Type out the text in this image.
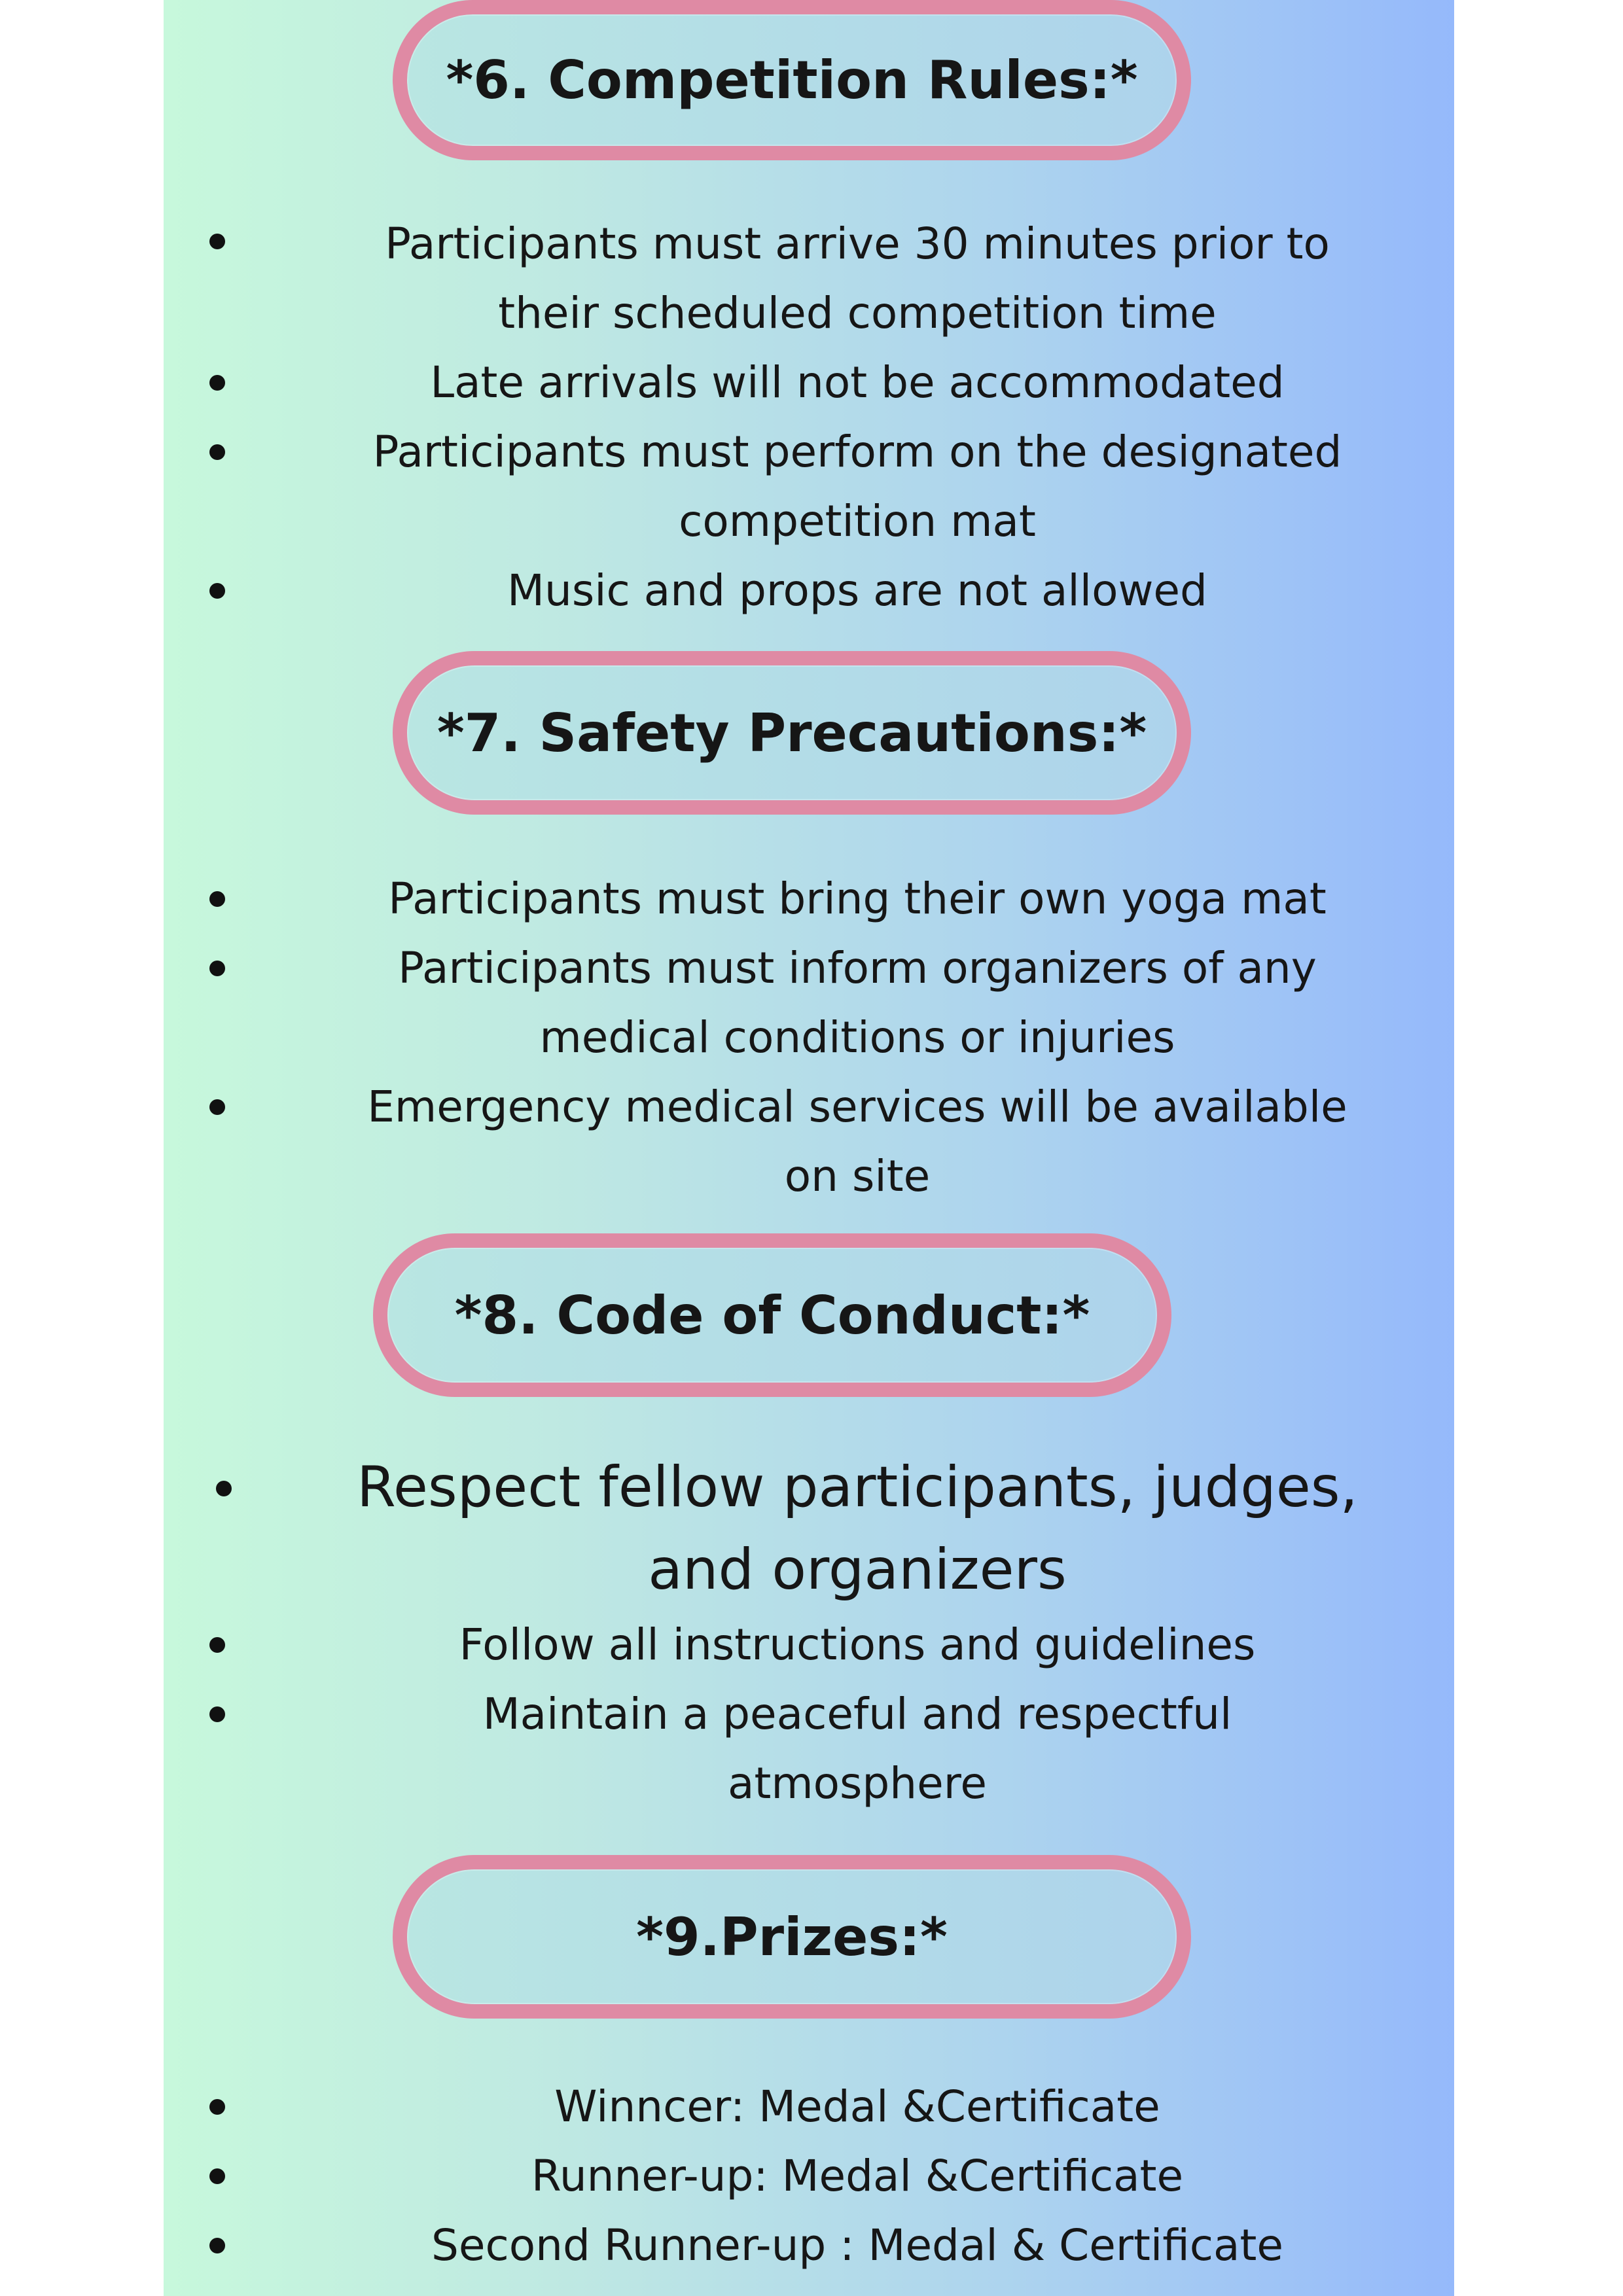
*6. Competition Rules:*
Participants must arrive 30 minutes prior to
their scheduled competition time
Late arrivals will not be accommodated
Participants must perform on the designated
competition mat
Music and props are not allowed
*7. Safety Precautions:*
Participants must bring their own yoga mat
Participants must inform organizers of any
medical conditions or injuries
Emergency medical services will be available
on site
*8. Code of Conduct:*
Respect fellow participants, judges,
and organizers
Follow all instructions and guidelines
Maintain a peaceful and respectful
atmosphere
*9.Prizes:*
Winncer: Medal &Certificate
Runner-up: Medal &Certificate
Second Runner-up : Medal & Certificate
